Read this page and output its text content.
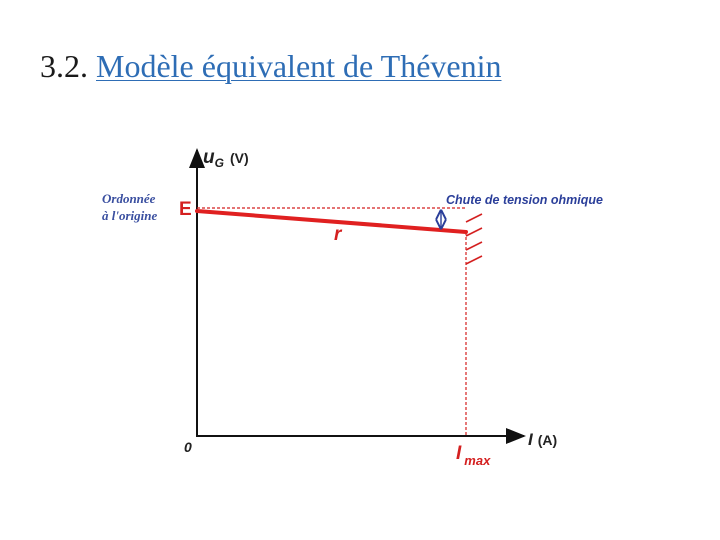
3.2. Modèle équivalent de Thévenin
$u_G$ (V)
I (A)
0
Ordonnée à l'origine E
r
Chute de tension ohmique
I $_{max}$
